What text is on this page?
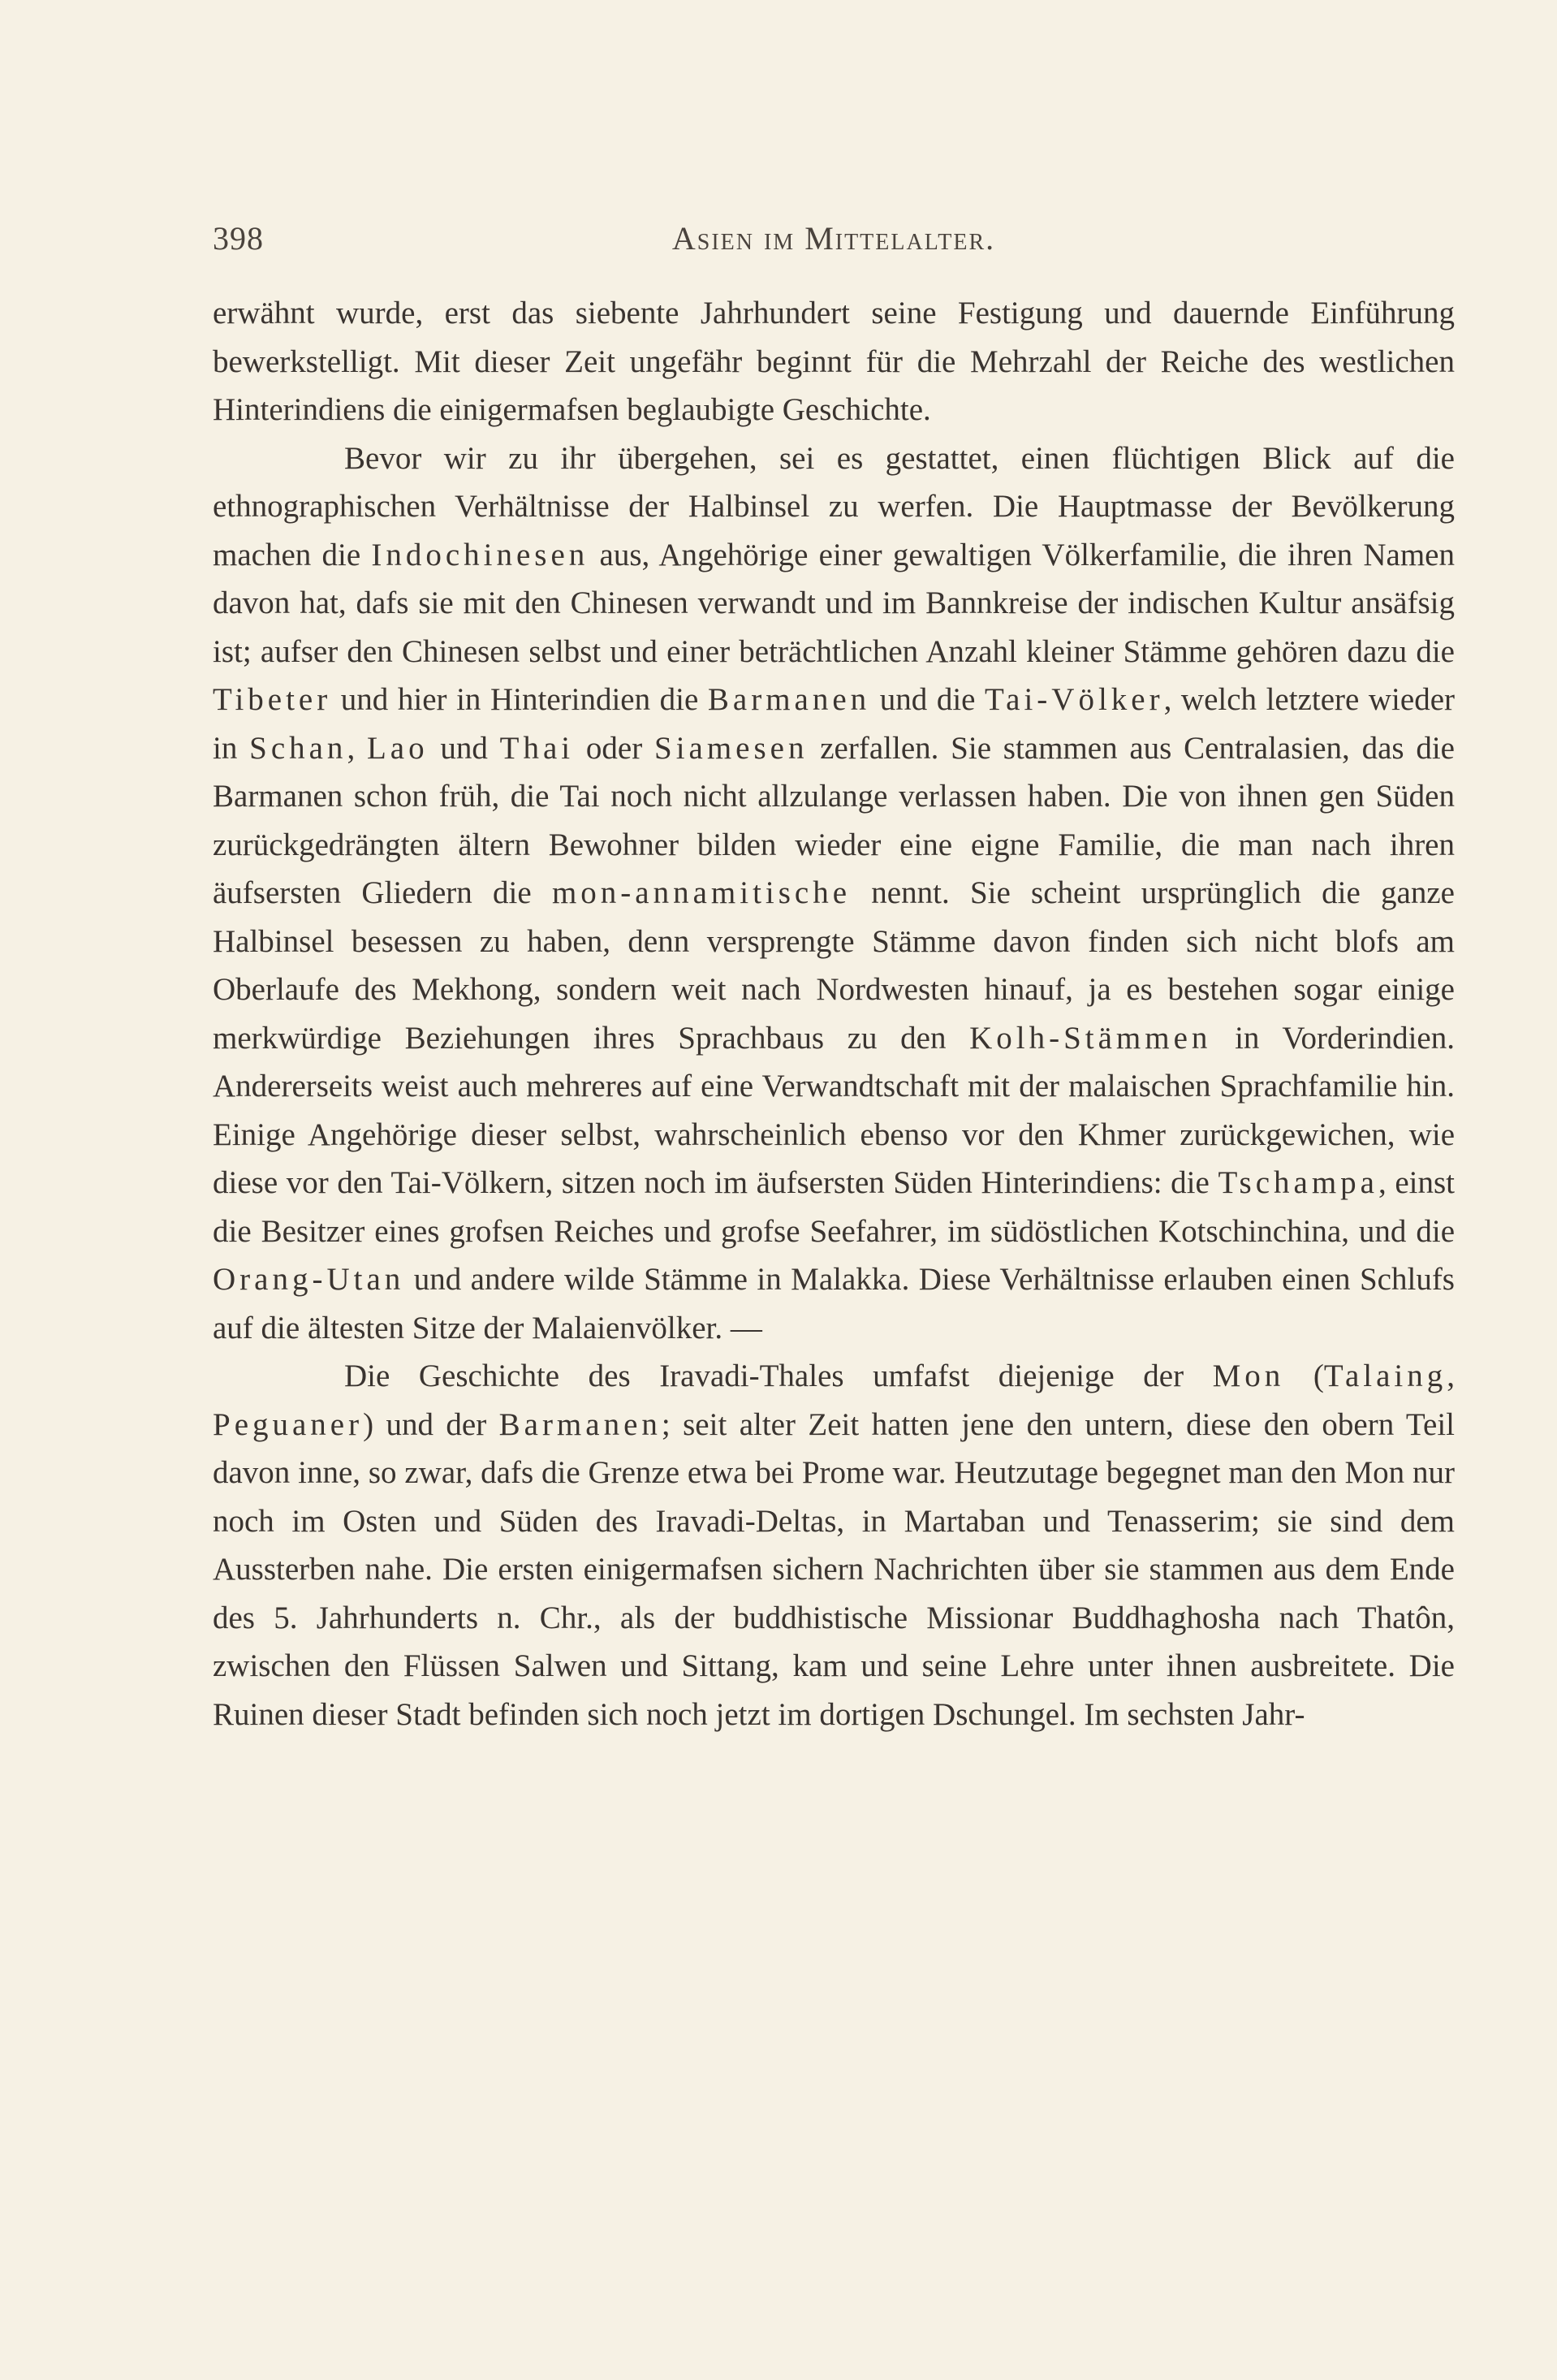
398	Asien im Mittelalter.

erwähnt wurde, erst das siebente Jahrhundert seine Festigung und dauernde Einführung bewerkstelligt. Mit dieser Zeit ungefähr beginnt für die Mehrzahl der Reiche des westlichen Hinterindiens die einigermafsen beglaubigte Geschichte.

Bevor wir zu ihr übergehen, sei es gestattet, einen flüchtigen Blick auf die ethnographischen Verhältnisse der Halbinsel zu werfen. Die Hauptmasse der Bevölkerung machen die Indochinesen aus, Angehörige einer gewaltigen Völkerfamilie, die ihren Namen davon hat, dafs sie mit den Chinesen verwandt und im Bannkreise der indischen Kultur ansäfsig ist; aufser den Chinesen selbst und einer beträchtlichen Anzahl kleiner Stämme gehören dazu die Tibeter und hier in Hinterindien die Barmanen und die Tai-Völker, welch letztere wieder in Schan, Lao und Thai oder Siamesen zerfallen. Sie stammen aus Centralasien, das die Barmanen schon früh, die Tai noch nicht allzulange verlassen haben. Die von ihnen gen Süden zurückgedrängten ältern Bewohner bilden wieder eine eigne Familie, die man nach ihren äufsersten Gliedern die mon-annamitische nennt. Sie scheint ursprünglich die ganze Halbinsel besessen zu haben, denn versprengte Stämme davon finden sich nicht blofs am Oberlaufe des Mekhong, sondern weit nach Nordwesten hinauf, ja es bestehen sogar einige merkwürdige Beziehungen ihres Sprachbaus zu den Kolh-Stämmen in Vorderindien. Andererseits weist auch mehreres auf eine Verwandtschaft mit der malaischen Sprachfamilie hin. Einige Angehörige dieser selbst, wahrscheinlich ebenso vor den Khmer zurückgewichen, wie diese vor den Tai-Völkern, sitzen noch im äufsersten Süden Hinterindiens: die Tschampa, einst die Besitzer eines grofsen Reiches und grofse Seefahrer, im südöstlichen Kotschinchina, und die Orang-Utan und andere wilde Stämme in Malakka. Diese Verhältnisse erlauben einen Schlufs auf die ältesten Sitze der Malaienvölker. —

Die Geschichte des Iravadi-Thales umfafst diejenige der Mon (Talaing, Peguaner) und der Barmanen; seit alter Zeit hatten jene den untern, diese den obern Teil davon inne, so zwar, dafs die Grenze etwa bei Prome war. Heutzutage begegnet man den Mon nur noch im Osten und Süden des Iravadi-Deltas, in Martaban und Tenasserim; sie sind dem Aussterben nahe. Die ersten einigermafsen sichern Nachrichten über sie stammen aus dem Ende des 5. Jahrhunderts n. Chr., als der buddhistische Missionar Buddhaghosha nach Thatôn, zwischen den Flüssen Salwen und Sittang, kam und seine Lehre unter ihnen ausbreitete. Die Ruinen dieser Stadt befinden sich noch jetzt im dortigen Dschungel. Im sechsten Jahr-
